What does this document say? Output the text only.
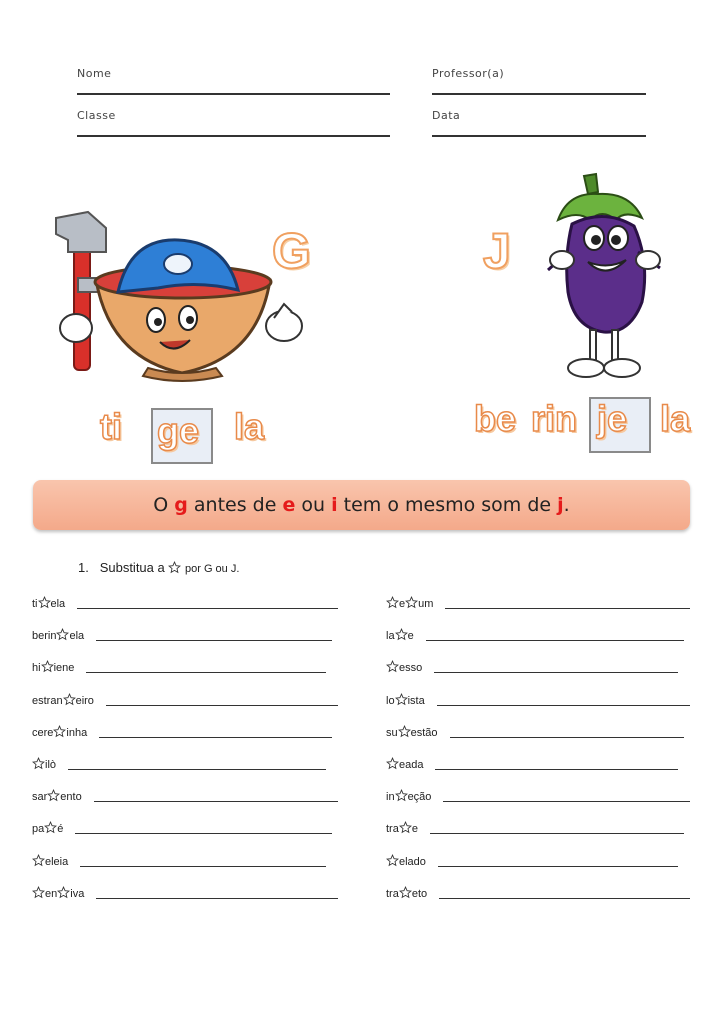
Nome	Professor(a)
Classe	Data
G	J
ti ge la	be rin je la
O g antes de e ou i tem o mesmo som de j .
1. Substitua a por G ou J.
ti ela
berin ela
hi iene
estran eiro
cere inha
ilò
sar ento
pa é
eleia
en iva
e um
la e
esso
lo ista
su estão
eada
in eção
tra e
elado
tra eto
